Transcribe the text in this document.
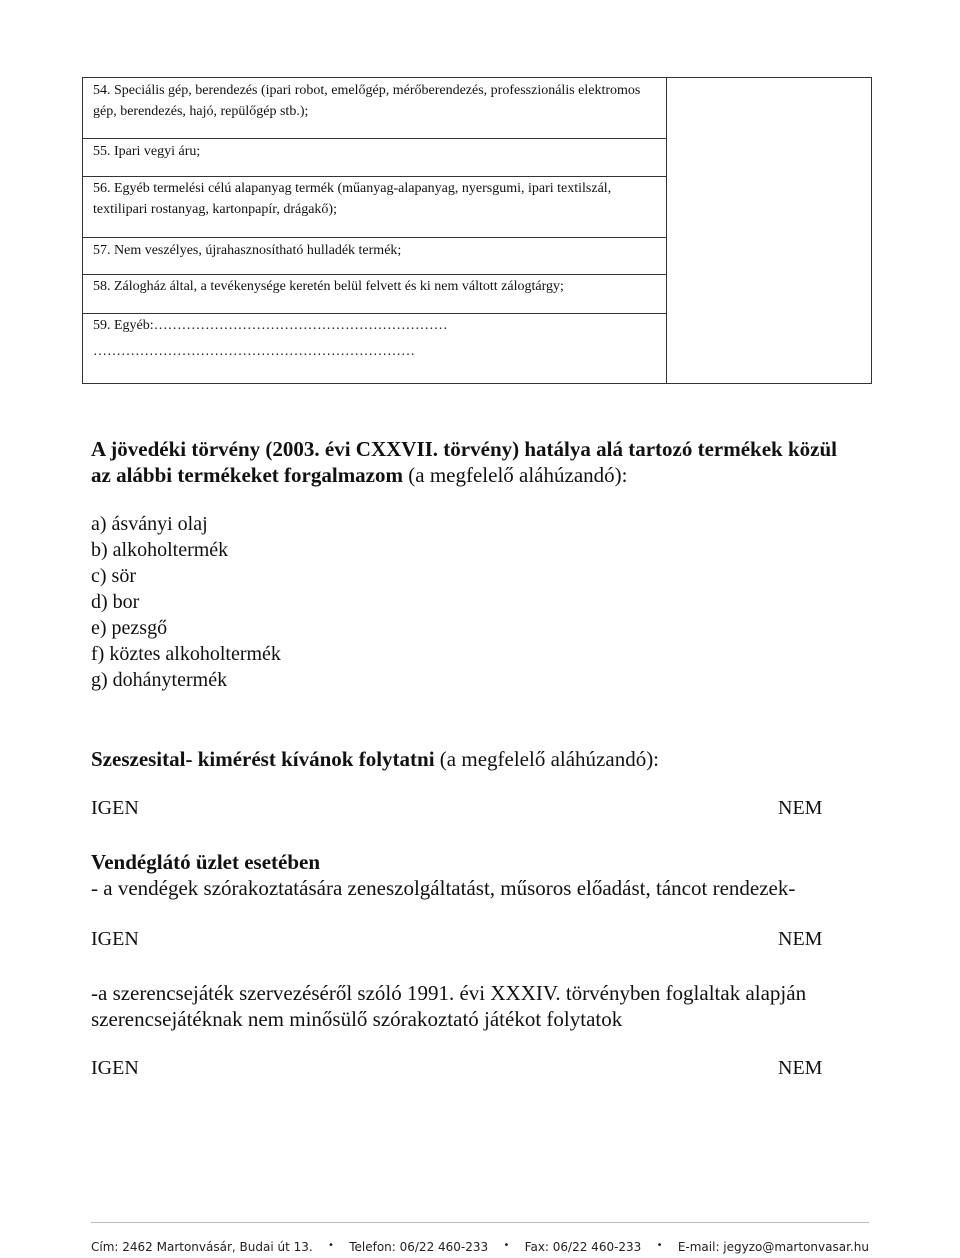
54. Speciális gép, berendezés (ipari robot, emelőgép, mérőberendezés, professzionális elektromos gép, berendezés, hajó, repülőgép stb.);	
55. Ipari vegyi áru;
56. Egyéb termelési célú alapanyag termék (műanyag-alapanyag, nyersgumi, ipari textilszál, textilipari rostanyag, kartonpapír, drágakő);
57. Nem veszélyes, újrahasznosítható hulladék termék;
58. Zálogház által, a tevékenysége keretén belül felvett és ki nem váltott zálogtárgy;

59. Egyéb:………………………………………………………
……………………………………………………………
A jövedéki törvény (2003. évi CXXVII. törvény) hatálya alá tartozó termékek közül az alábbi termékeket forgalmazom (a megfelelő aláhúzandó):
a) ásványi olaj
b) alkoholtermék
c) sör
d) bor
e) pezsgő
f) köztes alkoholtermék
g) dohánytermék
Szeszesital- kimérést kívánok folytatni (a megfelelő aláhúzandó):
IGEN	NEM
Vendéglátó üzlet esetében
- a vendégek szórakoztatására zeneszolgáltatást, műsoros előadást, táncot rendezek-
IGEN	NEM
-a szerencsejáték szervezéséről szóló 1991. évi XXXIV. törvényben foglaltak alapján szerencsejátéknak nem minősülő szórakoztató játékot folytatok
IGEN	NEM
Cím: 2462 Martonvásár, Budai út 13. • Telefon: 06/22 460-233 • Fax: 06/22 460-233 • E-mail: jegyzo@martonvasar.hu
